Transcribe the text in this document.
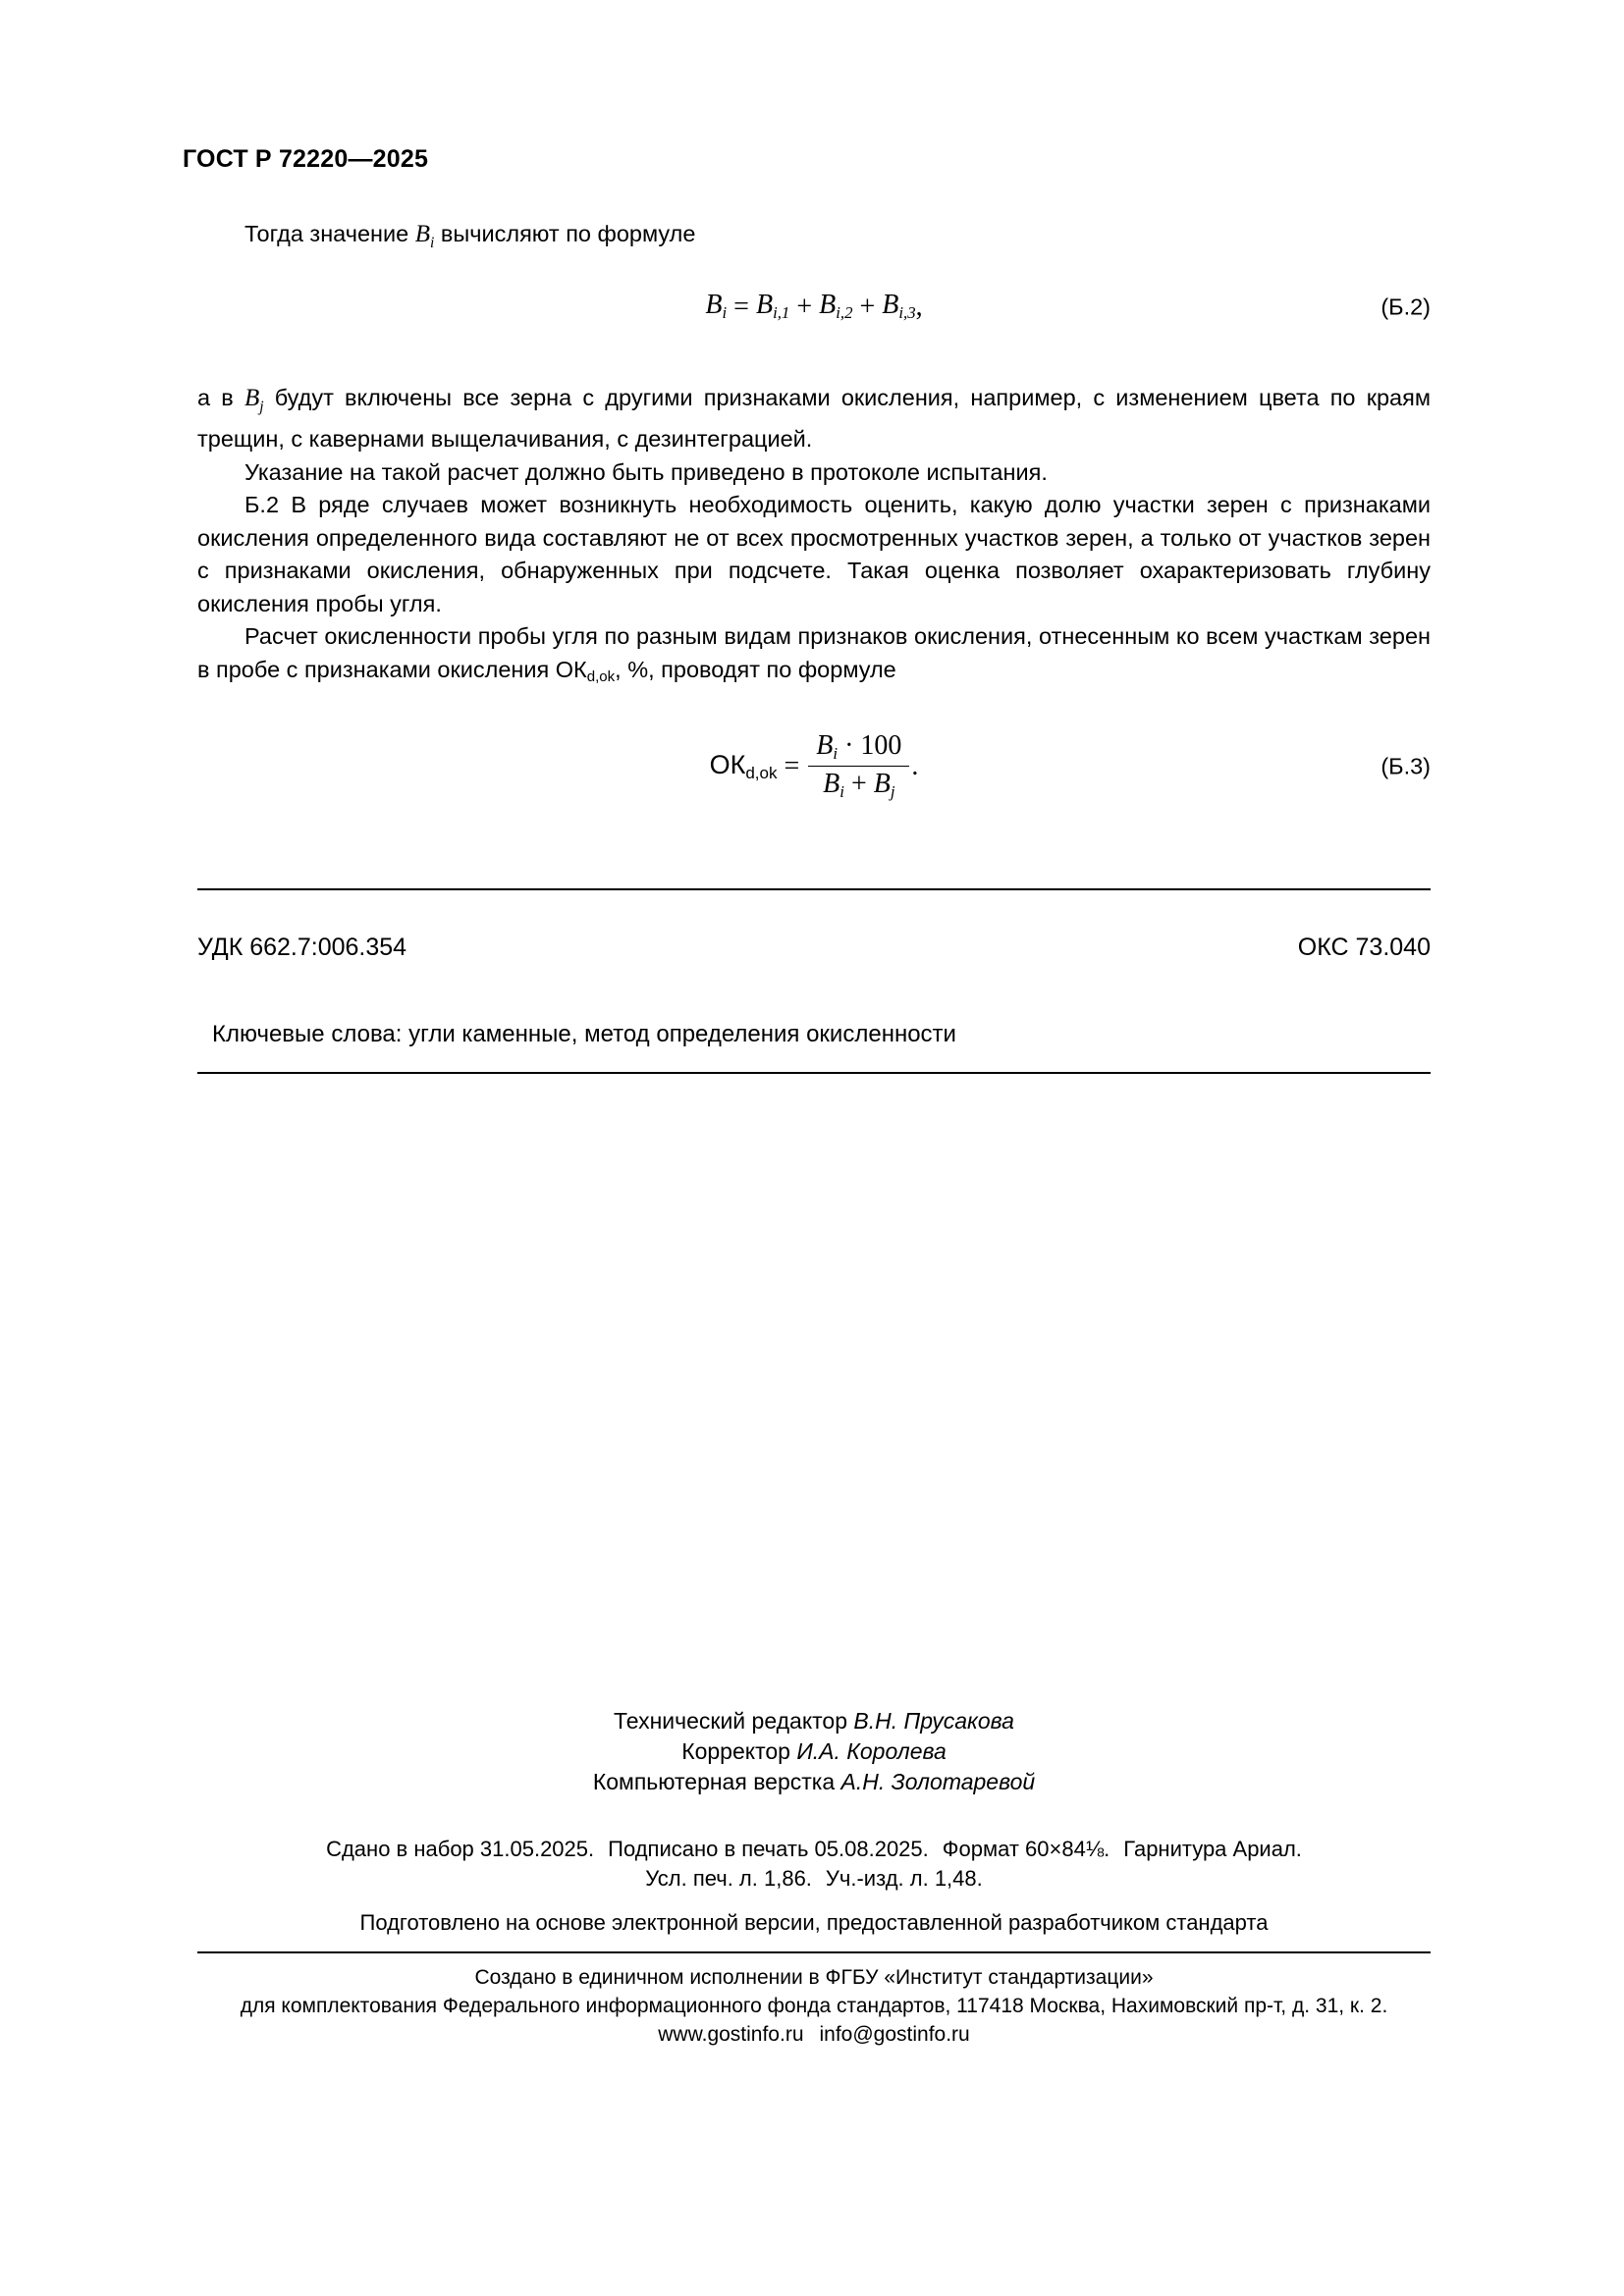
ГОСТ Р 72220—2025

Тогда значение $B_i$ вычисляют по формуле

$B_i = B_{i,1} + B_{i,2} + B_{i,3}$ ,	(Б.2)

а в $B_j$ будут включены все зерна с другими признаками окисления, например, с изменением цвета по краям трещин, с кавернами выщелачивания, с дезинтеграцией.

Указание на такой расчет должно быть приведено в протоколе испытания.

Б.2 В ряде случаев может возникнуть необходимость оценить, какую долю участки зерен с признаками окисления определенного вида составляют не от всех просмотренных участков зерен, а только от участков зерен с признаками окисления, обнаруженных при подсчете. Такая оценка позволяет охарактеризовать глубину окисления пробы угля.

Расчет окисленности пробы угля по разным видам признаков окисления, отнесенным ко всем участкам зерен в пробе с признаками окисления $ОК_{d,ok}$, %, проводят по формуле

$ОК_{d,ok} = \frac{B_i \cdot 100}{B_i + B_j}$ .	(Б.3)
УДК 662.7:006.354	ОКС 73.040
Ключевые слова: угли каменные, метод определения окисленности
Технический редактор В.Н. Прусакова
Корректор И.А. Королева
Компьютерная верстка А.Н. Золотаревой
Сдано в набор 31.05.2025. Подписано в печать 05.08.2025. Формат 60×84⅛. Гарнитура Ариал.
Усл. печ. л. 1,86. Уч.-изд. л. 1,48.
Подготовлено на основе электронной версии, предоставленной разработчиком стандарта
Создано в единичном исполнении в ФГБУ «Институт стандартизации»
для комплектования Федерального информационного фонда стандартов, 117418 Москва, Нахимовский пр-т, д. 31, к. 2.
www.gostinfo.ru info@gostinfo.ru
